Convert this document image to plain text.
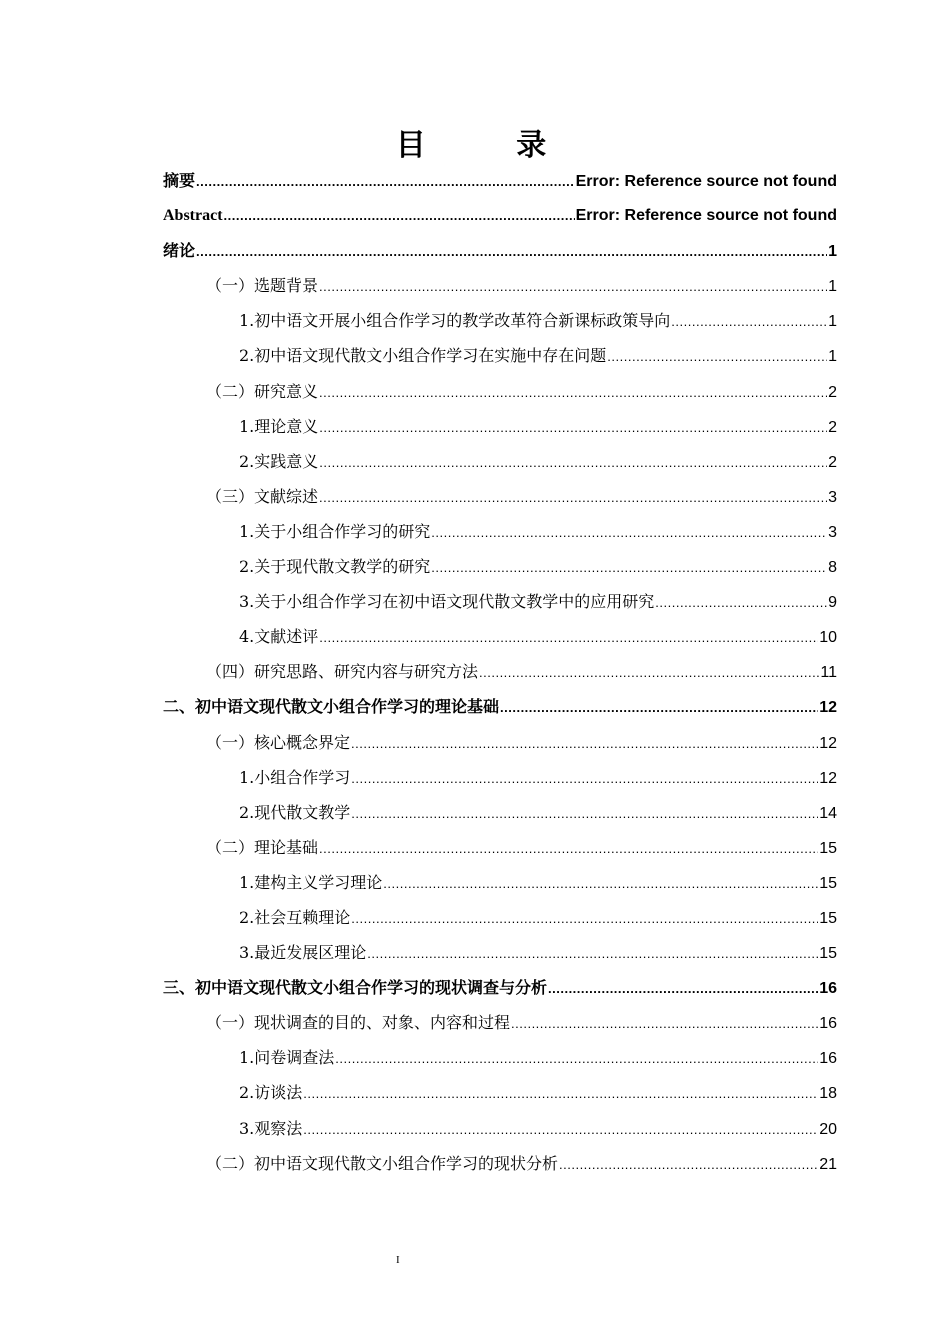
目 录
摘要 .....	Error: Reference source not found
Abstract .....	Error: Reference source not found
绪论 .....	1
（一）选题背景 .....	1
1.初中语文开展小组合作学习的教学改革符合新课标政策导向 .....	1
2.初中语文现代散文小组合作学习在实施中存在问题 .....	1
（二）研究意义 .....	2
1.理论意义 .....	2
2.实践意义 .....	2
（三）文献综述 .....	3
1.关于小组合作学习的研究 .....	3
2.关于现代散文教学的研究 .....	8
3.关于小组合作学习在初中语文现代散文教学中的应用研究 .....	9
4.文献述评 .....	10
（四）研究思路、研究内容与研究方法 .....	11
二、初中语文现代散文小组合作学习的理论基础 .....	12
（一）核心概念界定 .....	12
1.小组合作学习 .....	12
2.现代散文教学 .....	14
（二）理论基础 .....	15
1.建构主义学习理论 .....	15
2.社会互赖理论 .....	15
3.最近发展区理论 .....	15
三、初中语文现代散文小组合作学习的现状调查与分析 .....	16
（一）现状调查的目的、对象、内容和过程 .....	16
1.问卷调查法 .....	16
2.访谈法 .....	18
3.观察法 .....	20
（二）初中语文现代散文小组合作学习的现状分析 .....	21
I
